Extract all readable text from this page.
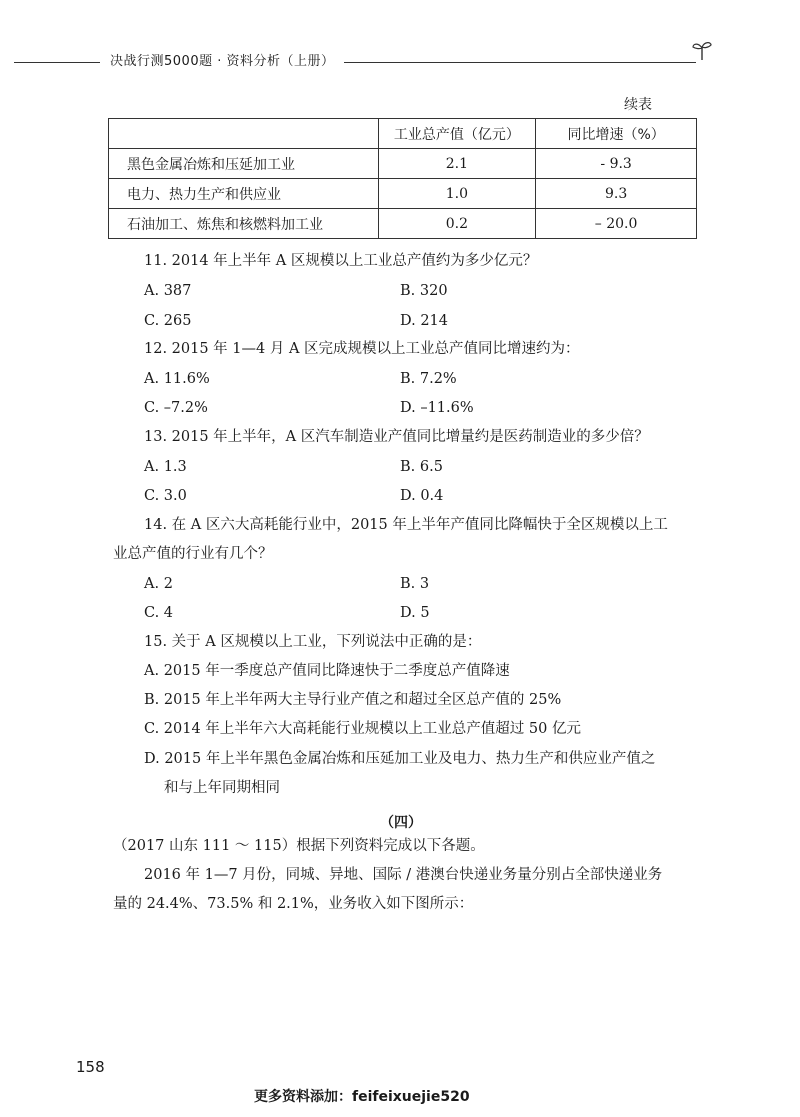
决战行测5000题 · 资料分析（上册）
续表
	工业总产值（亿元）	同比增速（%）
黑色金属冶炼和压延加工业	2.1	- 9.3
电力、热力生产和供应业	1.0	9.3
石油加工、炼焦和核燃料加工业	0.2	– 20.0
11. 2014 年上半年 A 区规模以上工业总产值约为多少亿元？
A. 387	B. 320
C. 265	D. 214
12. 2015 年 1—4 月 A 区完成规模以上工业总产值同比增速约为：
A. 11.6%	B. 7.2%
C. –7.2%	D. –11.6%
13. 2015 年上半年，A 区汽车制造业产值同比增量约是医药制造业的多少倍？
A. 1.3	B. 6.5
C. 3.0	D. 0.4
14. 在 A 区六大高耗能行业中，2015 年上半年产值同比降幅快于全区规模以上工
业总产值的行业有几个？
A. 2	B. 3
C. 4	D. 5
15. 关于 A 区规模以上工业，下列说法中正确的是：
A. 2015 年一季度总产值同比降速快于二季度总产值降速
B. 2015 年上半年两大主导行业产值之和超过全区总产值的 25%
C. 2014 年上半年六大高耗能行业规模以上工业总产值超过 50 亿元
D. 2015 年上半年黑色金属冶炼和压延加工业及电力、热力生产和供应业产值之
和与上年同期相同
（四）
（2017 山东 111 ～ 115）根据下列资料完成以下各题。
2016 年 1—7 月份，同城、异地、国际 / 港澳台快递业务量分别占全部快递业务
量的 24.4%、73.5% 和 2.1%，业务收入如下图所示：
158
更多资料添加：feifeixuejie520
